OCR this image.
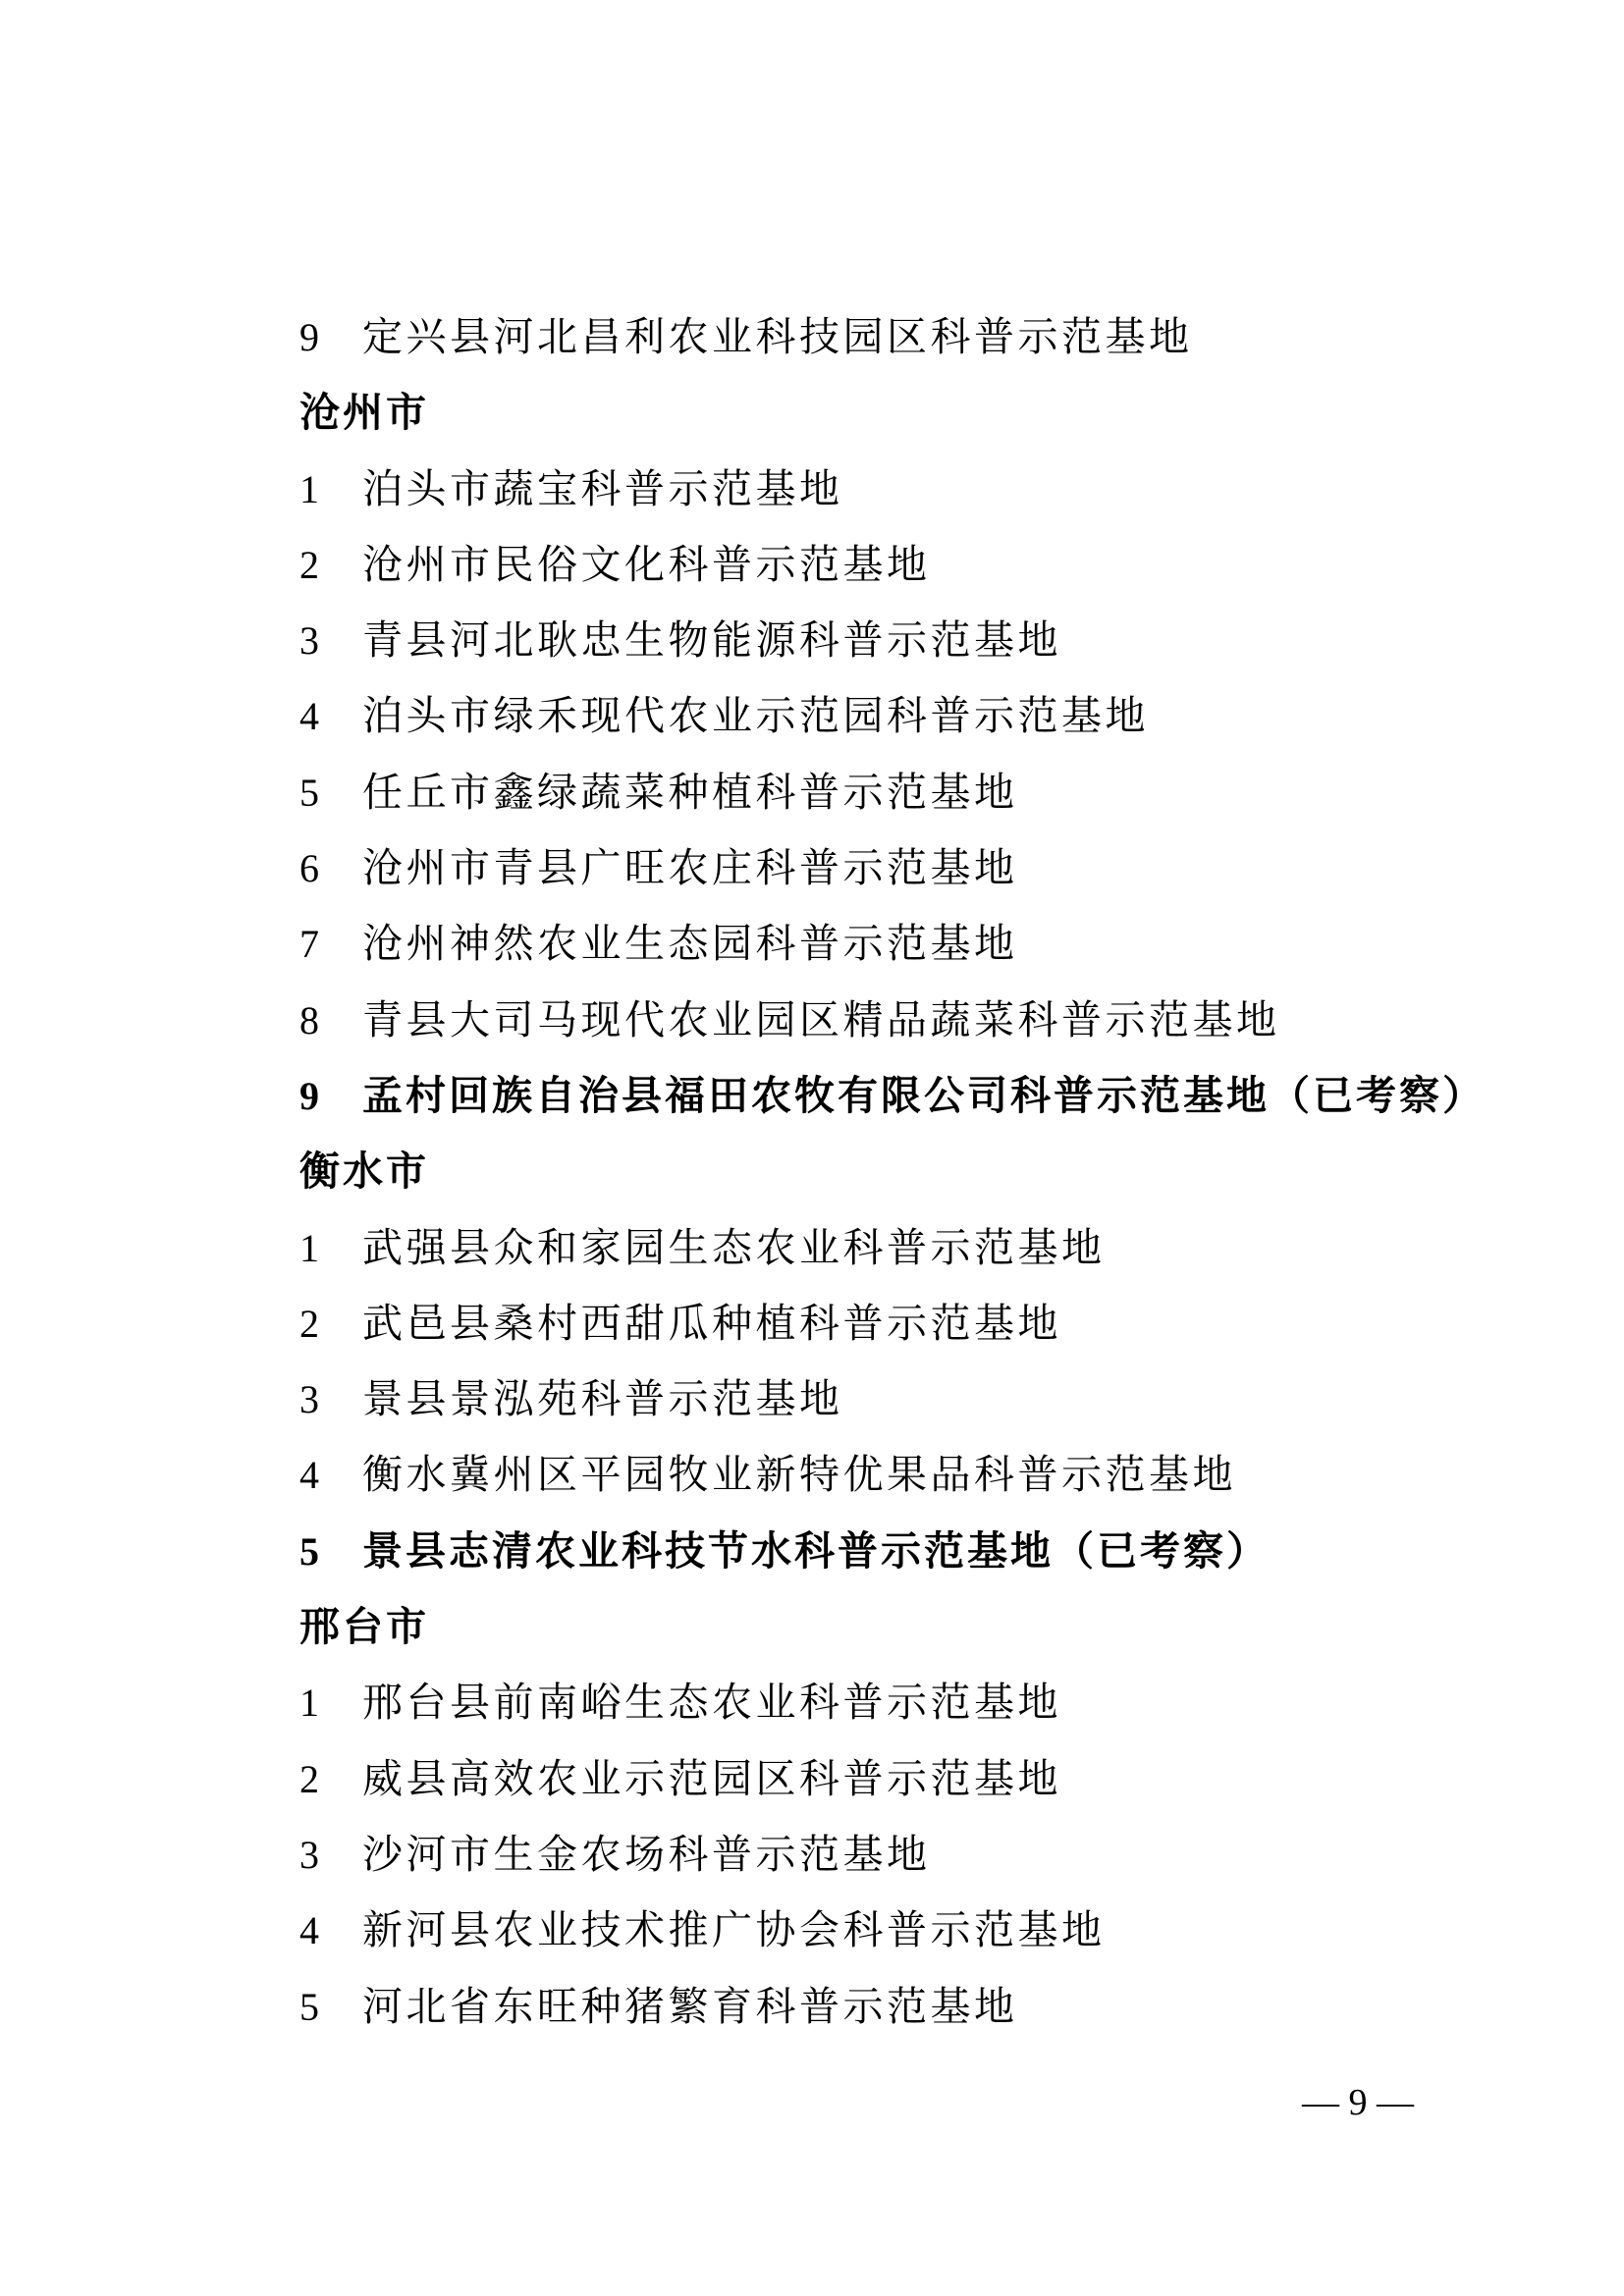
9	定兴县河北昌利农业科技园区科普示范基地
沧州市
1	泊头市蔬宝科普示范基地
2	沧州市民俗文化科普示范基地
3	青县河北耿忠生物能源科普示范基地
4	泊头市绿禾现代农业示范园科普示范基地
5	任丘市鑫绿蔬菜种植科普示范基地
6	沧州市青县广旺农庄科普示范基地
7	沧州神然农业生态园科普示范基地
8	青县大司马现代农业园区精品蔬菜科普示范基地
9	孟村回族自治县福田农牧有限公司科普示范基地（已考察）
衡水市
1	武强县众和家园生态农业科普示范基地
2	武邑县桑村西甜瓜种植科普示范基地
3	景县景泓苑科普示范基地
4	衡水冀州区平园牧业新特优果品科普示范基地
5	景县志清农业科技节水科普示范基地（已考察）
邢台市
1	邢台县前南峪生态农业科普示范基地
2	威县高效农业示范园区科普示范基地
3	沙河市生金农场科普示范基地
4	新河县农业技术推广协会科普示范基地
5	河北省东旺种猪繁育科普示范基地
— 9 —
